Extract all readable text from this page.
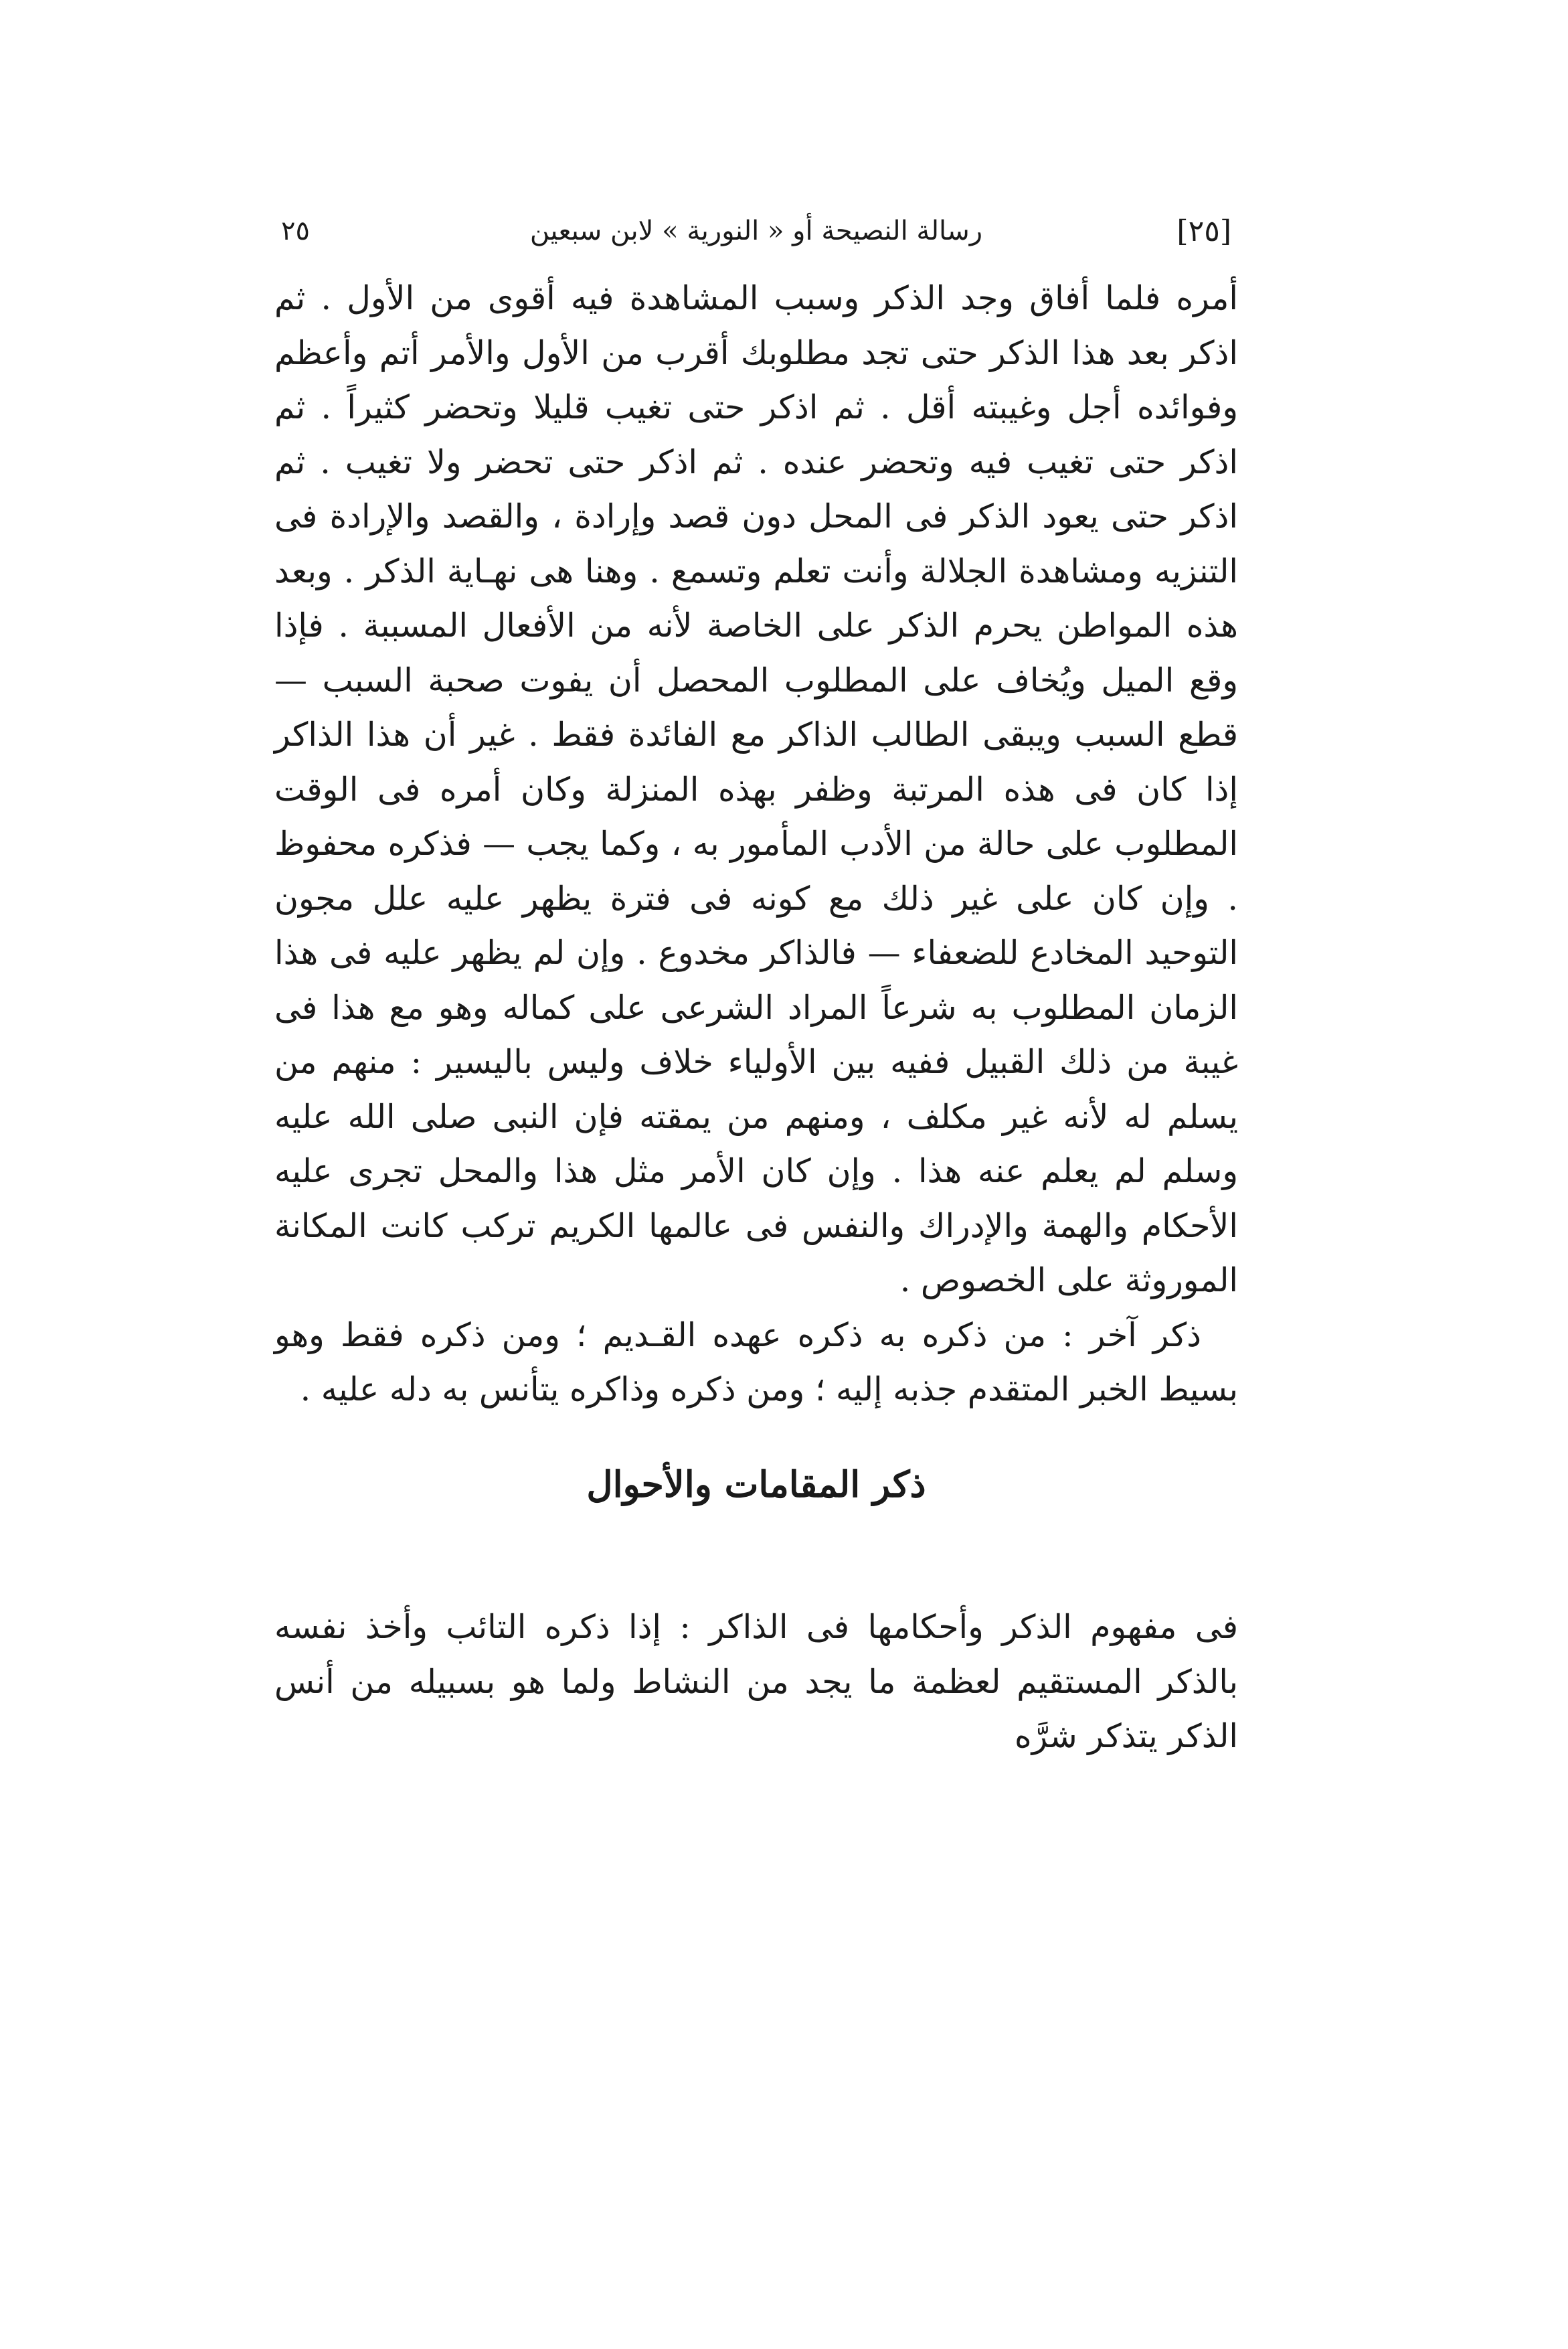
[٢٥]
رسالة النصيحة أو « النورية » لابن سبعين
٢٥

أمره فلما أفاق وجد الذكر وسبب المشاهدة فيه أقوى من الأول . ثم اذكر بعد هذا الذكر حتى تجد مطلوبك أقرب من الأول والأمر أتم وأعظم وفوائده أجل وغيبته أقل . ثم اذكر حتى تغيب قليلا وتحضر كثيراً . ثم اذكر حتى تغيب فيه وتحضر عنده . ثم اذكر حتى تحضر ولا تغيب . ثم اذكر حتى يعود الذكر فى المحل دون قصد وإرادة ، والقصد والإرادة فى التنزيه ومشاهدة الجلالة وأنت تعلم وتسمع . وهنا هى نهـاية الذكر . وبعد هذه المواطن يحرم الذكر على الخاصة لأنه من الأفعال المسببة . فإذا وقع الميل ويُخاف على المطلوب المحصل أن يفوت صحبة السبب — قطع السبب ويبقى الطالب الذاكر مع الفائدة فقط . غير أن هذا الذاكر إذا كان فى هذه المرتبة وظفر بهذه المنزلة وكان أمره فى الوقت المطلوب على حالة من الأدب المأمور به ، وكما يجب — فذكره محفوظ . وإن كان على غير ذلك مع كونه فى فترة يظهر عليه علل مجون التوحيد المخادع للضعفاء — فالذاكر مخدوع . وإن لم يظهر عليه فى هذا الزمان المطلوب به شرعاً المراد الشرعى على كماله وهو مع هذا فى غيبة من ذلك القبيل ففيه بين الأولياء خلاف وليس باليسير : منهم من يسلم له لأنه غير مكلف ، ومنهم من يمقته فإن النبى صلى الله عليه وسلم لم يعلم عنه هذا . وإن كان الأمر مثل هذا والمحل تجرى عليه الأحكام والهمة والإدراك والنفس فى عالمها الكريم تركب كانت المكانة الموروثة على الخصوص .

ذكر آخر : من ذكره به ذكره عهده القـديم ؛ ومن ذكره فقط وهو بسيط الخبر المتقدم جذبه إليه ؛ ومن ذكره وذاكره يتأنس به دله عليه .

ذكر المقامات والأحوال

فى مفهوم الذكر وأحكامها فى الذاكر : إذا ذكره التائب وأخذ نفسه بالذكر المستقيم لعظمة ما يجد من النشاط ولما هو بسبيله من أنس الذكر يتذكر شرَّه
